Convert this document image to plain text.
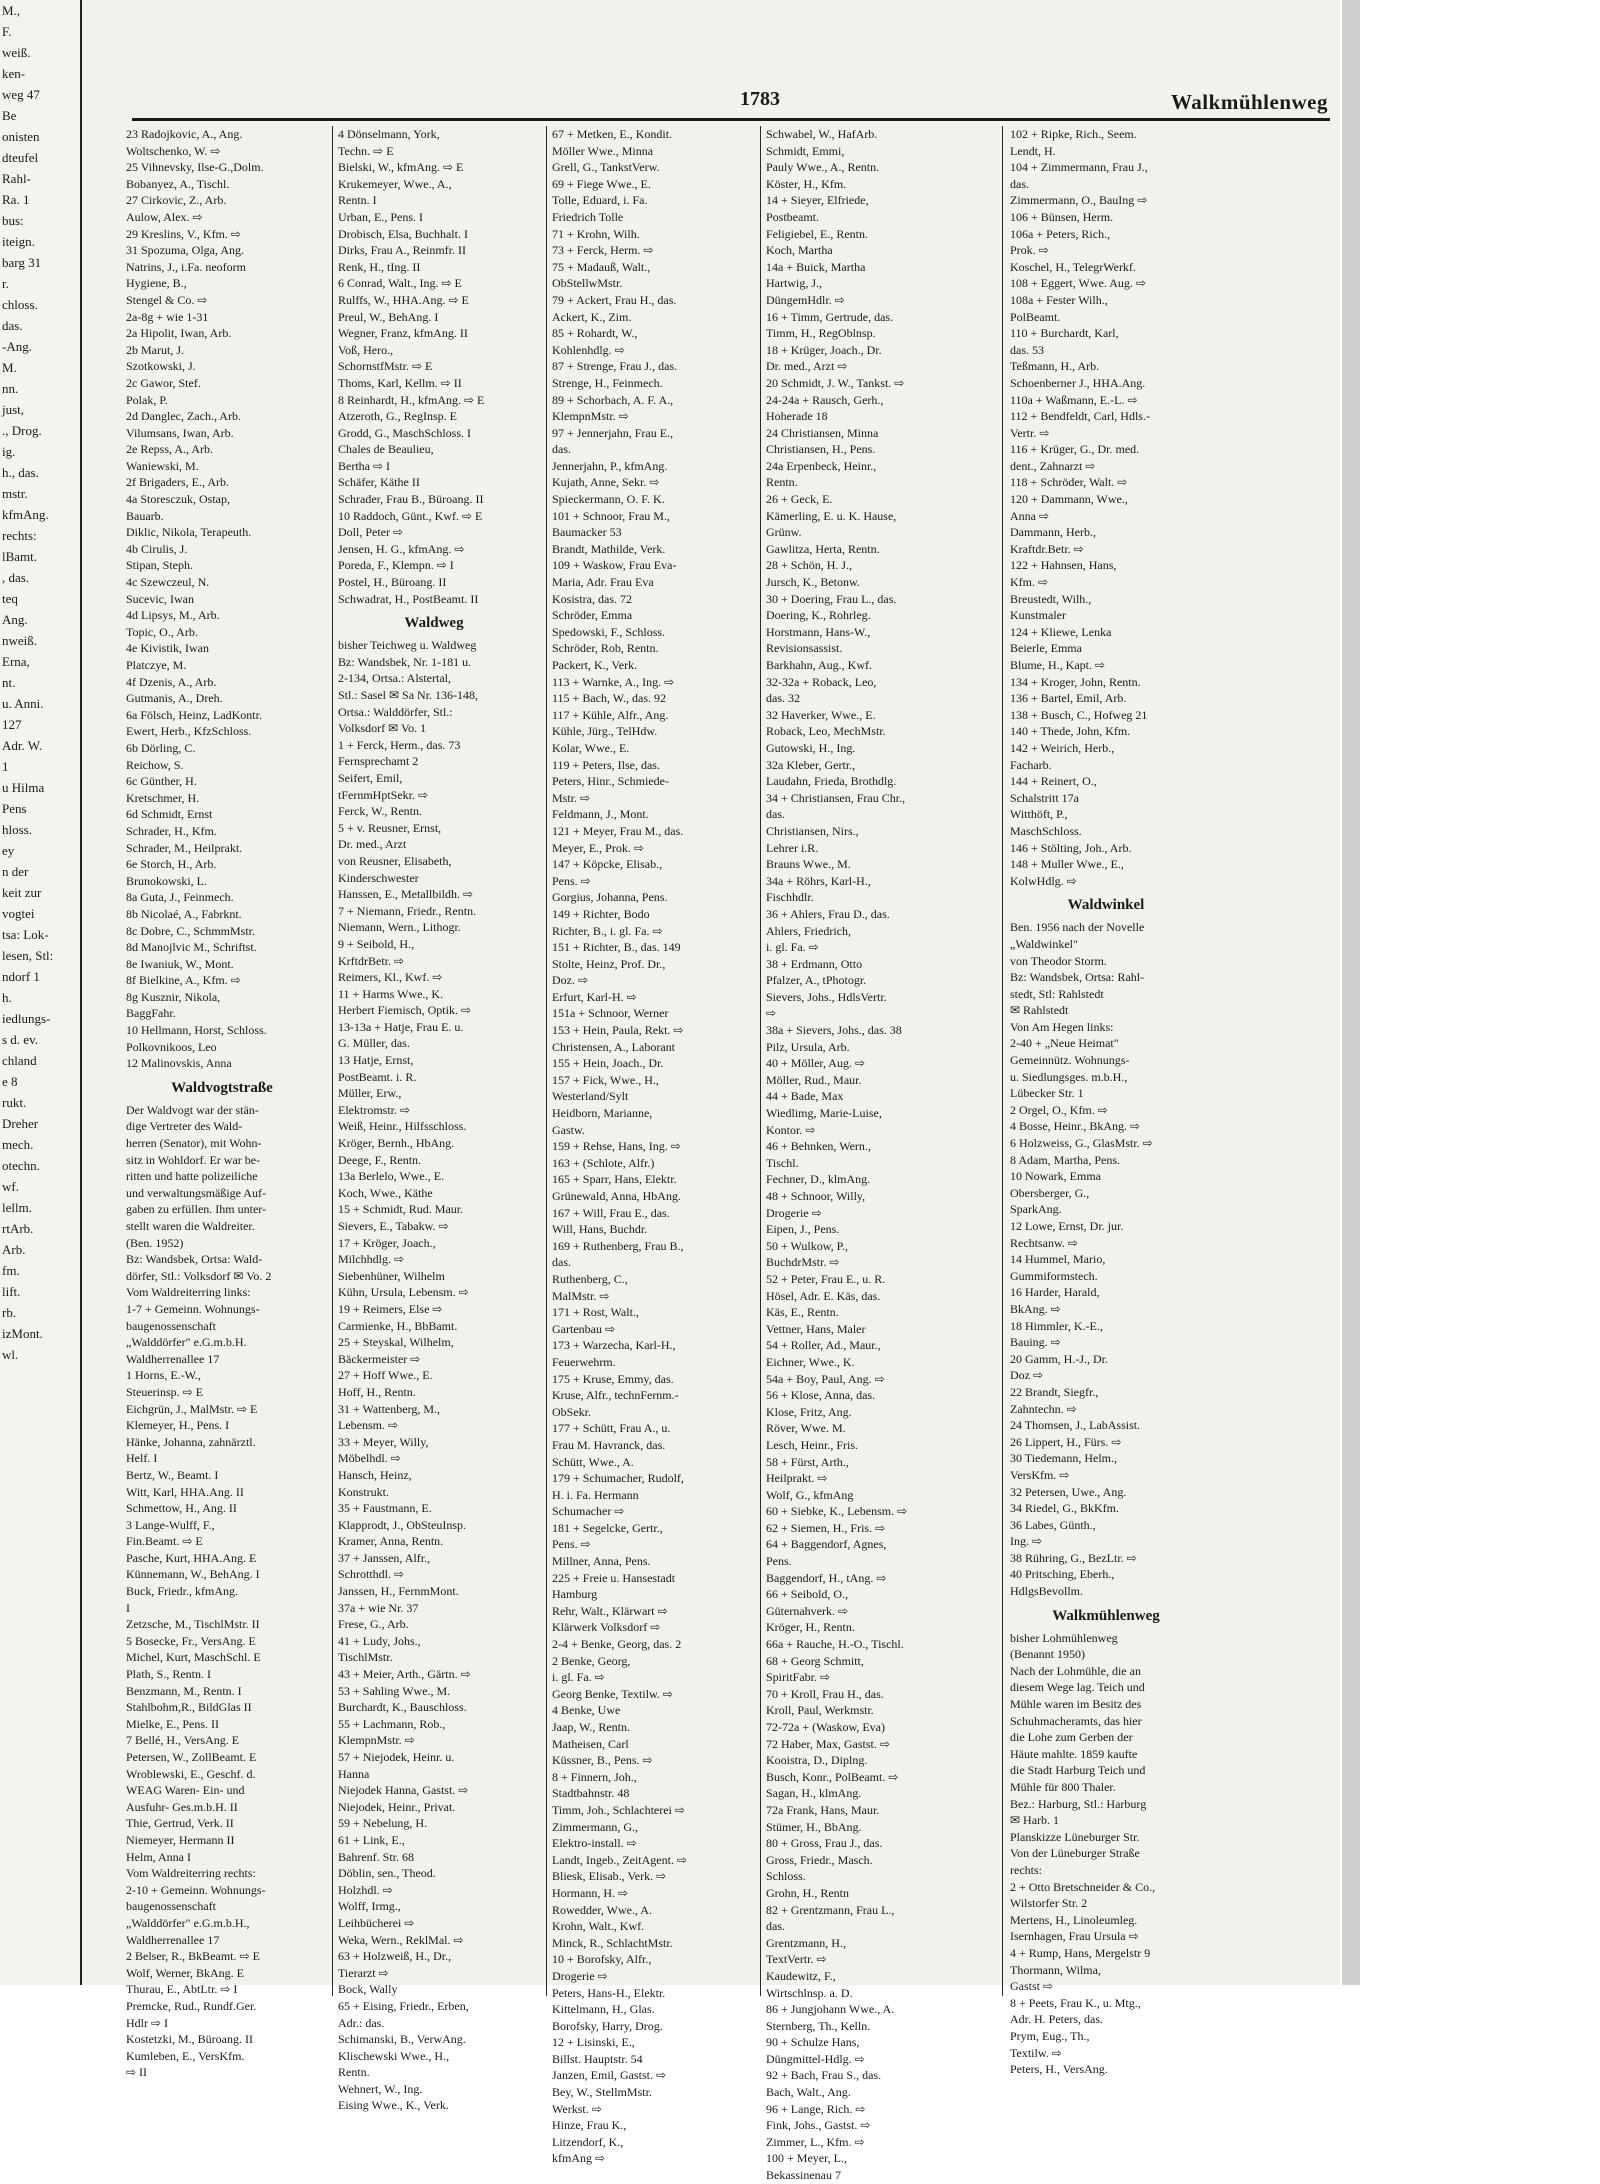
M.,
F.
weiß.
ken-
weg 47
Be
onisten
dteufel
Rahl-
Ra. 1
bus:
iteign.
barg 31
r.
chloss.
das.
-Ang.
M.
nn.
just,
., Drog.
ig.
h., das.
mstr.
kfmAng.
rechts:
lBamt.
, das.
teq
Ang.
nweiß.
Erna,
nt.
u. Anni.
127
Adr. W.
1
u Hilma
Pens
hloss.
ey
n der
keit zur
vogtei
tsa: Lok-
lesen, Stl:
ndorf 1
h.
iedlungs-
s d. ev.
chland
e 8
rukt.
Dreher
mech.
otechn.
wf.
lellm.
rtArb.
Arb.
fm.
lift.
rb.
izMont.
wl.
1783	Walkmühlenweg
23 Radojkovic, A., Ang.
Woltschenko, W. ⇨
25 Vihnevsky, Ilse-G.,Dolm.
Bobanyez, A., Tischl.
27 Cirkovic, Z., Arb.
Aulow, Alex. ⇨
29 Kreslins, V., Kfm. ⇨
31 Spozuma, Olga, Ang.
Natrins, J., i.Fa. neoform
Hygiene, B.,
Stengel & Co. ⇨
2a-8g + wie 1-31
2a Hipolit, Iwan, Arb.
2b Marut, J.
Szotkowski, J.
2c Gawor, Stef.
Polak, P.
2d Danglec, Zach., Arb.
Vilumsans, Iwan, Arb.
2e Repss, A., Arb.
Waniewski, M.
2f Brigaders, E., Arb.
4a Storesczuk, Ostap,
Bauarb.
Diklic, Nikola, Terapeuth.
4b Cirulis, J.
Stipan, Steph.
4c Szewczeul, N.
Sucevic, Iwan
4d Lipsys, M., Arb.
Topic, O., Arb.
4e Kivistik, Iwan
Platczye, M.
4f Dzenis, A., Arb.
Gutmanis, A., Dreh.
6a Fölsch, Heinz, LadKontr.
Ewert, Herb., KfzSchloss.
6b Dörling, C.
Reichow, S.
6c Günther, H.
Kretschmer, H.
6d Schmidt, Ernst
Schrader, H., Kfm.
Schrader, M., Heilprakt.
6e Storch, H., Arb.
Brunokowski, L.
8a Guta, J., Feinmech.
8b Nicolaé, A., Fabrknt.
8c Dobre, C., SchmmMstr.
8d Manojlvic M., Schriftst.
8e Iwaniuk, W., Mont.
8f Bielkine, A., Kfm. ⇨
8g Kusznir, Nikola,
BaggFahr.
10 Hellmann, Horst, Schloss.
Polkovnikoos, Leo
12 Malinovskis, Anna
Waldvogtstraße
Der Waldvogt war der stän-
dige Vertreter des Wald-
herren (Senator), mit Wohn-
sitz in Wohldorf. Er war be-
ritten und hatte polizeiliche
und verwaltungsmäßige Auf-
gaben zu erfüllen. Ihm unter-
stellt waren die Waldreiter.
(Ben. 1952)
Bz: Wandsbek, Ortsa: Wald-
dörfer, Stl.: Volksdorf ✉ Vo. 2
Vom Waldreiterring links:
1-7 + Gemeinn. Wohnungs-
baugenossenschaft
„Walddörfer" e.G.m.b.H.
Waldherrenallee 17
1 Horns, E.-W.,
Steuerinsp. ⇨ E
Eichgrün, J., MalMstr. ⇨ E
Klemeyer, H., Pens. I
Hänke, Johanna, zahnärztl.
Helf. I
Bertz, W., Beamt. I
Witt, Karl, HHA.Ang. II
Schmettow, H., Ang. II
3 Lange-Wulff, F.,
Fin.Beamt. ⇨ E
Pasche, Kurt, HHA.Ang. E
Künnemann, W., BehAng. I
Buck, Friedr., kfmAng.
I
Zetzsche, M., TischlMstr. II
5 Bosecke, Fr., VersAng. E
Michel, Kurt, MaschSchl. E
Plath, S., Rentn. I
Benzmann, M., Rentn. I
Stahlbohm,R., BildGlas II
Mielke, E., Pens. II
7 Bellé, H., VersAng. E
Petersen, W., ZollBeamt. E
Wroblewski, E., Geschf. d.
WEAG Waren- Ein- und
Ausfuhr- Ges.m.b.H. II
Thie, Gertrud, Verk. II
Niemeyer, Hermann II
Helm, Anna I
Vom Waldreiterring rechts:
2-10 + Gemeinn. Wohnungs-
baugenossenschaft
„Walddörfer" e.G.m.b.H.,
Waldherrenallee 17
2 Belser, R., BkBeamt. ⇨ E
Wolf, Werner, BkAng. E
Thurau, E., AbtLtr. ⇨ I
Premcke, Rud., Rundf.Ger.
Hdlr ⇨ I
Kostetzki, M., Büroang. II
Kumleben, E., VersKfm.
⇨ II
4 Dönselmann, York,
Techn. ⇨ E
Bielski, W., kfmAng. ⇨ E
Krukemeyer, Wwe., A.,
Rentn. I
Urban, E., Pens. I
Drobisch, Elsa, Buchhalt. I
Dirks, Frau A., Reinmfr. II
Renk, H., tIng. II
6 Conrad, Walt., Ing. ⇨ E
Rulffs, W., HHA.Ang. ⇨ E
Preul, W., BehAng. I
Wegner, Franz, kfmAng. II
Voß, Hero.,
SchornstfMstr. ⇨ E
Thoms, Karl, Kellm. ⇨ II
8 Reinhardt, H., kfmAng. ⇨ E
Atzeroth, G., RegInsp. E
Grodd, G., MaschSchloss. I
Chales de Beaulieu,
Bertha ⇨ I
Schäfer, Käthe II
Schrader, Frau B., Büroang. II
10 Raddoch, Günt., Kwf. ⇨ E
Doll, Peter ⇨
Jensen, H. G., kfmAng. ⇨
Poreda, F., Klempn. ⇨ I
Postel, H., Büroang. II
Schwadrat, H., PostBeamt. II
Waldweg
bisher Teichweg u. Waldweg
Bz: Wandsbek, Nr. 1-181 u.
2-134, Ortsa.: Alstertal,
Stl.: Sasel ✉ Sa Nr. 136-148,
Ortsa.: Walddörfer, Stl.:
Volksdorf ✉ Vo. 1
1 + Ferck, Herm., das. 73
Fernsprechamt 2
Seifert, Emil,
tFernmHptSekr. ⇨
Ferck, W., Rentn.
5 + v. Reusner, Ernst,
Dr. med., Arzt
von Reusner, Elisabeth,
Kinderschwester
Hanssen, E., Metallbildh. ⇨
7 + Niemann, Friedr., Rentn.
Niemann, Wern., Lithogr.
9 + Seibold, H.,
KrftdrBetr. ⇨
Reimers, Kl., Kwf. ⇨
11 + Harms Wwe., K.
Herbert Fiemisch, Optik. ⇨
13-13a + Hatje, Frau E. u.
G. Müller, das.
13 Hatje, Ernst,
PostBeamt. i. R.
Müller, Erw.,
Elektromstr. ⇨
Weiß, Heinr., Hilfsschloss.
Kröger, Bernh., HbAng.
Deege, F., Rentn.
13a Berlelo, Wwe., E.
Koch, Wwe., Käthe
15 + Schmidt, Rud. Maur.
Sievers, E., Tabakw. ⇨
17 + Kröger, Joach.,
Milchhdlg. ⇨
Siebenhüner, Wilhelm
Kühn, Ursula, Lebensm. ⇨
19 + Reimers, Else ⇨
Carmienke, H., BbBamt.
25 + Steyskal, Wilhelm,
Bäckermeister ⇨
27 + Hoff Wwe., E.
Hoff, H., Rentn.
31 + Wattenberg, M.,
Lebensm. ⇨
33 + Meyer, Willy,
Möbelhdl. ⇨
Hansch, Heinz,
Konstrukt.
35 + Faustmann, E.
Klapprodt, J., ObSteuInsp.
Kramer, Anna, Rentn.
37 + Janssen, Alfr.,
Schrotthdl. ⇨
Janssen, H., FernmMont.
37a + wie Nr. 37
Frese, G., Arb.
41 + Ludy, Johs.,
TischlMstr.
43 + Meier, Arth., Gärtn. ⇨
53 + Sahling Wwe., M.
Burchardt, K., Bauschloss.
55 + Lachmann, Rob.,
KlempnMstr. ⇨
57 + Niejodek, Heinr. u.
Hanna
Niejodek Hanna, Gastst. ⇨
Niejodek, Heinr., Privat.
59 + Nebelung, H.
61 + Link, E.,
Bahrenf. Str. 68
Döblin, sen., Theod.
Holzhdl. ⇨
Wolff, Irmg.,
Leihbücherei ⇨
Weka, Wern., ReklMal. ⇨
63 + Holzweiß, H., Dr.,
Tierarzt ⇨
Bock, Wally
65 + Eising, Friedr., Erben,
Adr.: das.
Schimanski, B., VerwAng.
Klischewski Wwe., H.,
Rentn.
Wehnert, W., Ing.
Eising Wwe., K., Verk.
67 + Metken, E., Kondit.
Möller Wwe., Minna
Grell, G., TankstVerw.
69 + Fiege Wwe., E.
Tolle, Eduard, i. Fa.
Friedrich Tolle
71 + Krohn, Wilh.
73 + Ferck, Herm. ⇨
75 + Madauß, Walt.,
ObStellwMstr.
79 + Ackert, Frau H., das.
Ackert, K., Zim.
85 + Rohardt, W.,
Kohlenhdlg. ⇨
87 + Strenge, Frau J., das.
Strenge, H., Feinmech.
89 + Schorbach, A. F. A.,
KlempnMstr. ⇨
97 + Jennerjahn, Frau E.,
das.
Jennerjahn, P., kfmAng.
Kujath, Anne, Sekr. ⇨
Spieckermann, O. F. K.
101 + Schnoor, Frau M.,
Baumacker 53
Brandt, Mathilde, Verk.
109 + Waskow, Frau Eva-
Maria, Adr. Frau Eva
Kosistra, das. 72
Schröder, Emma
Spedowski, F., Schloss.
Schröder, Rob, Rentn.
Packert, K., Verk.
113 + Warnke, A., Ing. ⇨
115 + Bach, W., das. 92
117 + Kühle, Alfr., Ang.
Kühle, Jürg., TelHdw.
Kolar, Wwe., E.
119 + Peters, Ilse, das.
Peters, Hinr., Schmiede-
Mstr. ⇨
Feldmann, J., Mont.
121 + Meyer, Frau M., das.
Meyer, E., Prok. ⇨
147 + Köpcke, Elisab.,
Pens. ⇨
Gorgius, Johanna, Pens.
149 + Richter, Bodo
Richter, B., i. gl. Fa. ⇨
151 + Richter, B., das. 149
Stolte, Heinz, Prof. Dr.,
Doz. ⇨
Erfurt, Karl-H. ⇨
151a + Schnoor, Werner
153 + Hein, Paula, Rekt. ⇨
Christensen, A., Laborant
155 + Hein, Joach., Dr.
157 + Fick, Wwe., H.,
Westerland/Sylt
Heidborn, Marianne,
Gastw.
159 + Rehse, Hans, Ing. ⇨
163 + (Schlote, Alfr.)
165 + Sparr, Hans, Elektr.
Grünewald, Anna, HbAng.
167 + Will, Frau E., das.
Will, Hans, Buchdr.
169 + Ruthenberg, Frau B.,
das.
Ruthenberg, C.,
MalMstr. ⇨
171 + Rost, Walt.,
Gartenbau ⇨
173 + Warzecha, Karl-H.,
Feuerwehrm.
175 + Kruse, Emmy, das.
Kruse, Alfr., technFernm.-
ObSekr.
177 + Schütt, Frau A., u.
Frau M. Havranck, das.
Schütt, Wwe., A.
179 + Schumacher, Rudolf,
H. i. Fa. Hermann
Schumacher ⇨
181 + Segelcke, Gertr.,
Pens. ⇨
Millner, Anna, Pens.
225 + Freie u. Hansestadt
Hamburg
Rehr, Walt., Klärwart ⇨
Klärwerk Volksdorf ⇨
2-4 + Benke, Georg, das. 2
2 Benke, Georg,
i. gl. Fa. ⇨
Georg Benke, Textilw. ⇨
4 Benke, Uwe
Jaap, W., Rentn.
Matheisen, Carl
Küssner, B., Pens. ⇨
8 + Finnern, Joh.,
Stadtbahnstr. 48
Timm, Joh., Schlachterei ⇨
Zimmermann, G.,
Elektro-install. ⇨
Landt, Ingeb., ZeitAgent. ⇨
Bliesk, Elisab., Verk. ⇨
Hormann, H. ⇨
Rowedder, Wwe., A.
Krohn, Walt., Kwf.
Minck, R., SchlachtMstr.
10 + Borofsky, Alfr.,
Drogerie ⇨
Peters, Hans-H., Elektr.
Kittelmann, H., Glas.
Borofsky, Harry, Drog.
12 + Lisinski, E.,
Billst. Hauptstr. 54
Janzen, Emil, Gastst. ⇨
Bey, W., StellmMstr.
Werkst. ⇨
Hinze, Frau K.,
Litzendorf, K.,
kfmAng ⇨
Schwabel, W., HafArb.
Schmidt, Emmi,
Pauly Wwe., A., Rentn.
Köster, H., Kfm.
14 + Sieyer, Elfriede,
Postbeamt.
Feligiebel, E., Rentn.
Koch, Martha
14a + Buick, Martha
Hartwig, J.,
DüngemHdlr. ⇨
16 + Timm, Gertrude, das.
Timm, H., RegOblnsp.
18 + Krüger, Joach., Dr.
Dr. med., Arzt ⇨
20 Schmidt, J. W., Tankst. ⇨
24-24a + Rausch, Gerh.,
Hoherade 18
24 Christiansen, Minna
Christiansen, H., Pens.
24a Erpenbeck, Heinr.,
Rentn.
26 + Geck, E.
Kämerling, E. u. K. Hause,
Grünw.
Gawlitza, Herta, Rentn.
28 + Schön, H. J.,
Jursch, K., Betonw.
30 + Doering, Frau L., das.
Doering, K., Rohrleg.
Horstmann, Hans-W.,
Revisionsassist.
Barkhahn, Aug., Kwf.
32-32a + Roback, Leo,
das. 32
32 Haverker, Wwe., E.
Roback, Leo, MechMstr.
Gutowski, H., Ing.
32a Kleber, Gertr.,
Laudahn, Frieda, Brothdlg.
34 + Christiansen, Frau Chr.,
das.
Christiansen, Nirs.,
Lehrer i.R.
Brauns Wwe., M.
34a + Röhrs, Karl-H.,
Fischhdlr.
36 + Ahlers, Frau D., das.
Ahlers, Friedrich,
i. gl. Fa. ⇨
38 + Erdmann, Otto
Pfalzer, A., tPhotogr.
Sievers, Johs., HdlsVertr.
⇨
38a + Sievers, Johs., das. 38
Pilz, Ursula, Arb.
40 + Möller, Aug. ⇨
Möller, Rud., Maur.
44 + Bade, Max
Wiedlimg, Marie-Luise,
Kontor. ⇨
46 + Behnken, Wern.,
Tischl.
Fechner, D., klmAng.
48 + Schnoor, Willy,
Drogerie ⇨
Eipen, J., Pens.
50 + Wulkow, P.,
BuchdrMstr. ⇨
52 + Peter, Frau E., u. R.
Hösel, Adr. E. Käs, das.
Käs, E., Rentn.
Vettner, Hans, Maler
54 + Roller, Ad., Maur.,
Eichner, Wwe., K.
54a + Boy, Paul, Ang. ⇨
56 + Klose, Anna, das.
Klose, Fritz, Ang.
Röver, Wwe. M.
Lesch, Heinr., Fris.
58 + Fürst, Arth.,
Heilprakt. ⇨
Wolf, G., kfmAng
60 + Siebke, K., Lebensm. ⇨
62 + Siemen, H., Fris. ⇨
64 + Baggendorf, Agnes,
Pens.
Baggendorf, H., tAng. ⇨
66 + Seibold, O.,
Güternahverk. ⇨
Kröger, H., Rentn.
66a + Rauche, H.-O., Tischl.
68 + Georg Schmitt,
SpiritFabr. ⇨
70 + Kroll, Frau H., das.
Kroll, Paul, Werkmstr.
72-72a + (Waskow, Eva)
72 Haber, Max, Gastst. ⇨
Kooistra, D., Diplng.
Busch, Konr., PolBeamt. ⇨
Sagan, H., klmAng.
72a Frank, Hans, Maur.
Stümer, H., BbAng.
80 + Gross, Frau J., das.
Gross, Friedr., Masch.
Schloss.
Grohn, H., Rentn
82 + Grentzmann, Frau L.,
das.
Grentzmann, H.,
TextVertr. ⇨
Kaudewitz, F.,
Wirtschlnsp. a. D.
86 + Jungjohann Wwe., A.
Sternberg, Th., Kelln.
90 + Schulze Hans,
Düngmittel-Hdlg. ⇨
92 + Bach, Frau S., das.
Bach, Walt., Ang.
96 + Lange, Rich. ⇨
Fink, Johs., Gastst. ⇨
Zimmer, L., Kfm. ⇨
100 + Meyer, L.,
Bekassinenau 7
102 + Ripke, Rich., Seem.
Lendt, H.
104 + Zimmermann, Frau J.,
das.
Zimmermann, O., BauIng ⇨
106 + Bünsen, Herm.
106a + Peters, Rich.,
Prok. ⇨
Koschel, H., TelegrWerkf.
108 + Eggert, Wwe. Aug. ⇨
108a + Fester Wilh.,
PolBeamt.
110 + Burchardt, Karl,
das. 53
Teßmann, H., Arb.
Schoenberner J., HHA.Ang.
110a + Waßmann, E.-L. ⇨
112 + Bendfeldt, Carl, Hdls.-
Vertr. ⇨
116 + Krüger, G., Dr. med.
dent., Zahnarzt ⇨
118 + Schröder, Walt. ⇨
120 + Dammann, Wwe.,
Anna ⇨
Dammann, Herb.,
Kraftdr.Betr. ⇨
122 + Hahnsen, Hans,
Kfm. ⇨
Breustedt, Wilh.,
Kunstmaler
124 + Kliewe, Lenka
Beierle, Emma
Blume, H., Kapt. ⇨
134 + Kroger, John, Rentn.
136 + Bartel, Emil, Arb.
138 + Busch, C., Hofweg 21
140 + Thede, John, Kfm.
142 + Weirich, Herb.,
Facharb.
144 + Reinert, O.,
Schalstritt 17a
Witthöft, P.,
MaschSchloss.
146 + Stölting, Joh., Arb.
148 + Muller Wwe., E.,
KolwHdlg. ⇨
Waldwinkel
Ben. 1956 nach der Novelle
„Waldwinkel"
von Theodor Storm.
Bz: Wandsbek, Ortsa: Rahl-
stedt, Stl: Rahlstedt
✉ Rahlstedt
Von Am Hegen links:
2-40 + „Neue Heimat"
Gemeinnütz. Wohnungs-
u. Siedlungsges. m.b.H.,
Lübecker Str. 1
2 Orgel, O., Kfm. ⇨
4 Bosse, Heinr., BkAng. ⇨
6 Holzweiss, G., GlasMstr. ⇨
8 Adam, Martha, Pens.
10 Nowark, Emma
Obersberger, G.,
SparkAng.
12 Lowe, Ernst, Dr. jur.
Rechtsanw. ⇨
14 Hummel, Mario,
Gummiformstech.
16 Harder, Harald,
BkAng. ⇨
18 Himmler, K.-E.,
Bauing. ⇨
20 Gamm, H.-J., Dr.
Doz ⇨
22 Brandt, Siegfr.,
Zahntechn. ⇨
24 Thomsen, J., LabAssist.
26 Lippert, H., Fürs. ⇨
30 Tiedemann, Helm.,
VersKfm. ⇨
32 Petersen, Uwe., Ang.
34 Riedel, G., BkKfm.
36 Labes, Günth.,
Ing. ⇨
38 Rühring, G., BezLtr. ⇨
40 Pritsching, Eberh.,
HdlgsBevollm.
Walkmühlenweg
bisher Lohmühlenweg
(Benannt 1950)
Nach der Lohmühle, die an
diesem Wege lag. Teich und
Mühle waren im Besitz des
Schuhmacheramts, das hier
die Lohe zum Gerben der
Häute mahlte. 1859 kaufte
die Stadt Harburg Teich und
Mühle für 800 Thaler.
Bez.: Harburg, Stl.: Harburg
✉ Harb. 1
Planskizze Lüneburger Str.
Von der Lüneburger Straße
rechts:
2 + Otto Bretschneider & Co.,
Wilstorfer Str. 2
Mertens, H., Linoleumleg.
Isernhagen, Frau Ursula ⇨
4 + Rump, Hans, Mergelstr 9
Thormann, Wilma,
Gastst ⇨
8 + Peets, Frau K., u. Mtg.,
Adr. H. Peters, das.
Prym, Eug., Th.,
Textilw. ⇨
Peters, H., VersAng.
